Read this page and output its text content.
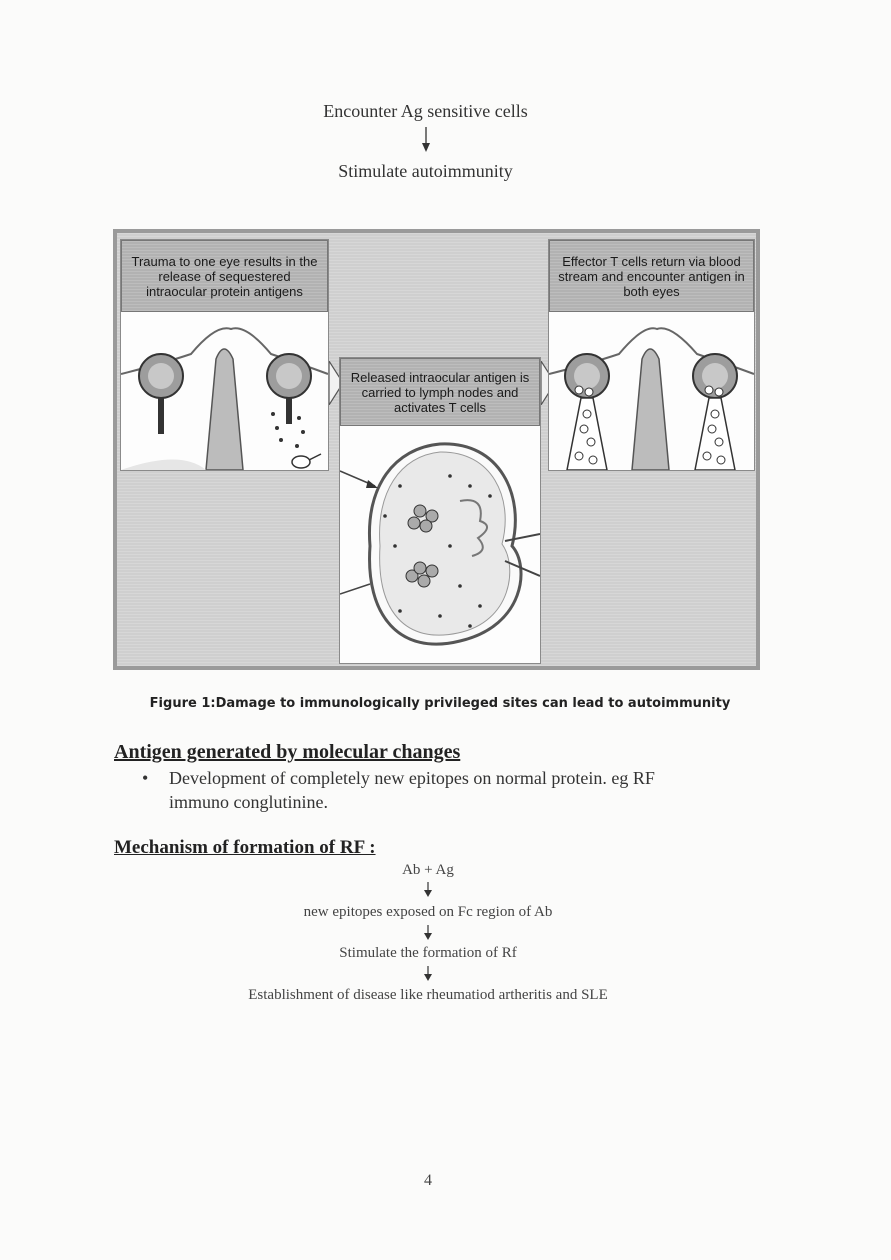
Encounter Ag sensitive cells
Stimulate autoimmunity
Trauma to one eye results in the release of sequestered intraocular protein antigens
Released intraocular antigen is carried to lymph nodes and activates T cells
Effector T cells return via blood stream and encounter antigen in both eyes
Figure 1:Damage to immunologically privileged sites can lead to autoimmunity
Antigen generated by molecular changes
• Development of completely new epitopes on normal protein. eg RF
immuno conglutinine.
Mechanism of formation of RF :
Ab + Ag
new epitopes exposed on Fc region of Ab
Stimulate the formation of Rf
Establishment of disease like rheumatiod artheritis and SLE
4
